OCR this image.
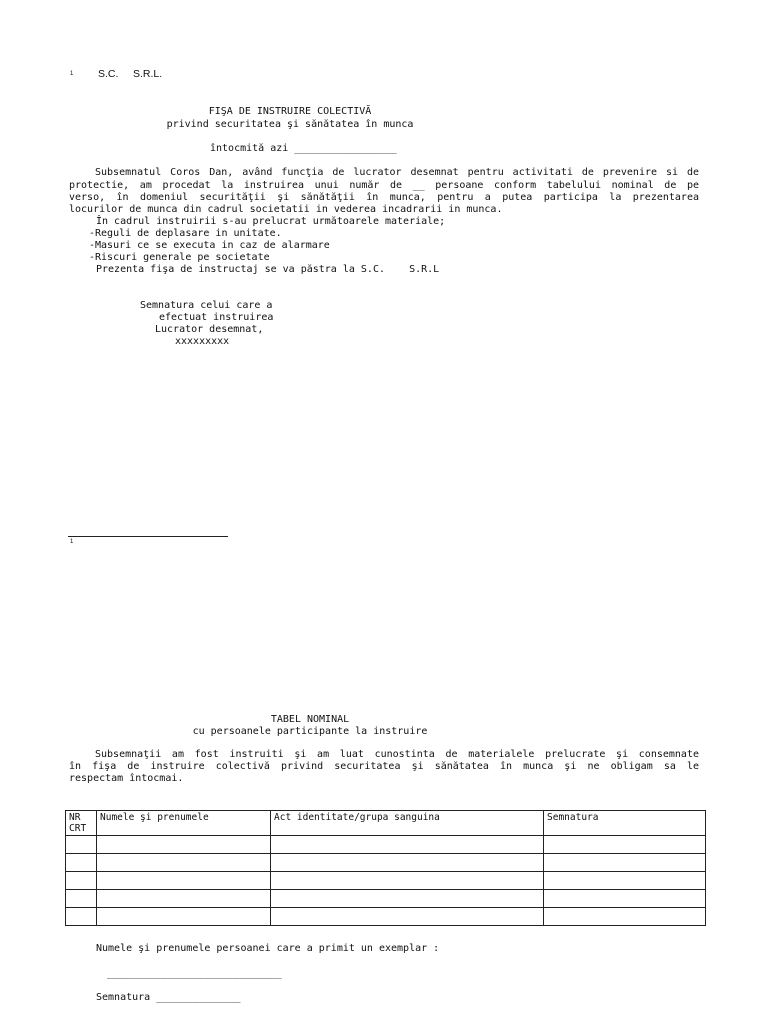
1 S.C.     S.R.L.
FIŞA DE INSTRUIRE COLECTIVĂ
privind securitatea şi sănătatea în munca
întocmită azi _________________
Subsemnatul Coros Dan, având funcţia de lucrator desemnat pentru activitati de prevenire si de
protectie, am procedat la instruirea unui număr de __ persoane conform tabelului nominal de pe
verso, în domeniul securităţii şi sănătăţii în munca, pentru a putea participa la prezentarea
locurilor de munca din cadrul societatii in vederea incadrarii in munca.
În cadrul instruirii s-au prelucrat următoarele materiale;
-Reguli de deplasare in unitate.
-Masuri ce se executa in caz de alarmare
-Riscuri generale pe societate
Prezenta fişa de instructaj se va păstra la S.C.    S.R.L
Semnatura celui care a
efectuat instruirea
Lucrator desemnat,
xxxxxxxxx
1
TABEL NOMINAL
cu persoanele participante la instruire
Subsemnaţii am fost instruiti şi am luat cunostinta de materialele prelucrate şi consemnate
în fişa de instruire colectivă privind securitatea şi sănătatea în munca şi ne obligam sa le
respectam întocmai.
NR
CRT	Numele şi prenumele	Act identitate/grupa sanguina	Semnatura

Numele şi prenumele persoanei care a primit un exemplar :
_____________________________
Semnatura ______________
